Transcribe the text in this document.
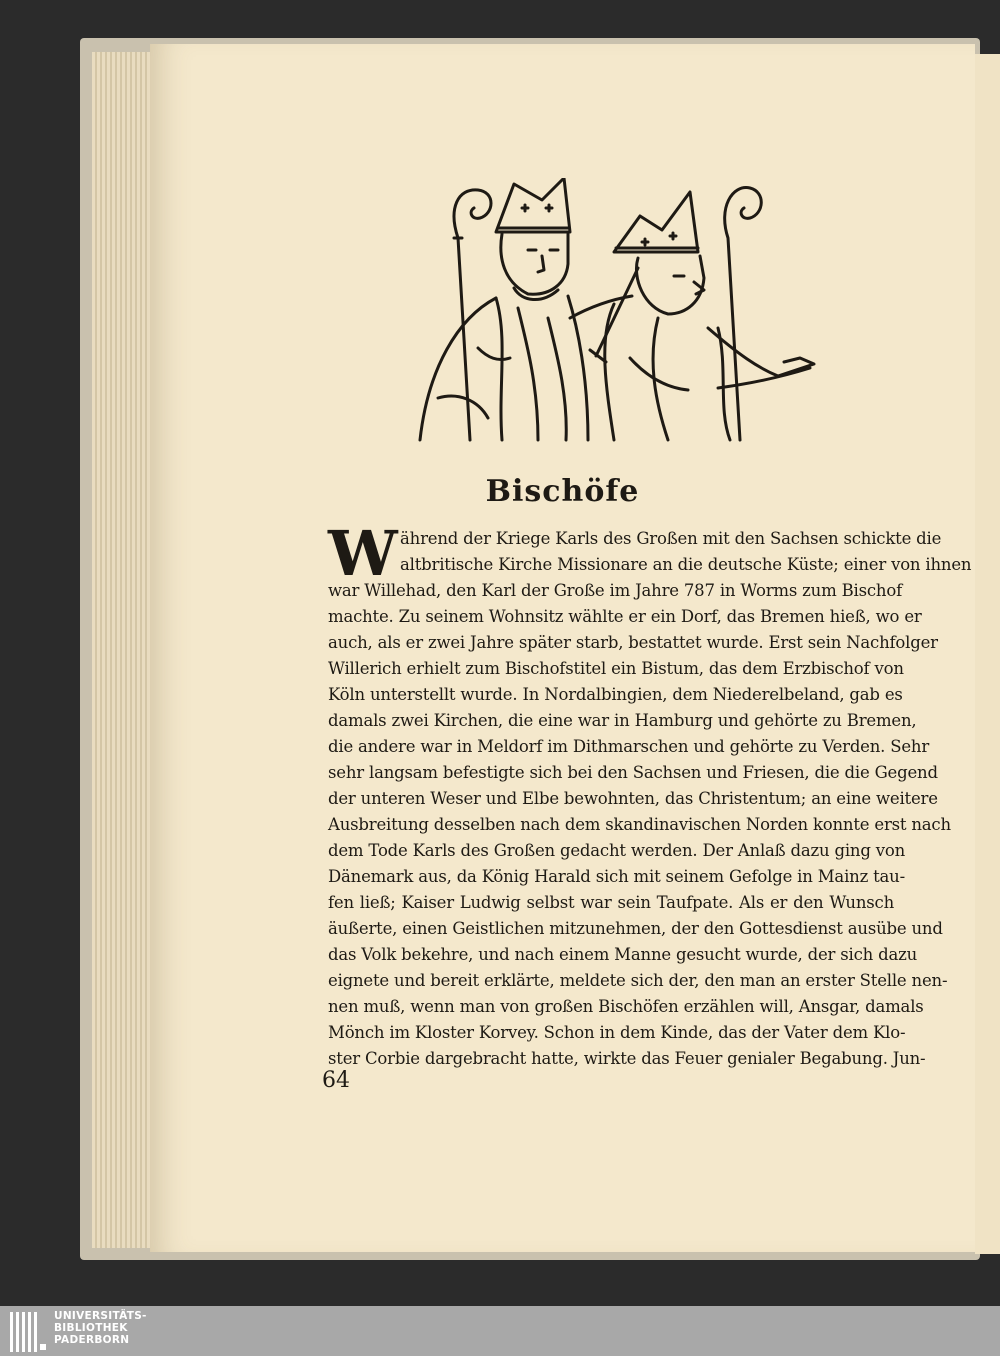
Bischöfe
W ährend der Kriege Karls des Großen mit den Sachsen schickte die
altbritische Kirche Missionare an die deutsche Küste; einer von ihnen
war Willehad, den Karl der Große im Jahre 787 in Worms zum Bischof
machte. Zu seinem Wohnsitz wählte er ein Dorf, das Bremen hieß, wo er
auch, als er zwei Jahre später starb, bestattet wurde. Erst sein Nachfolger
Willerich erhielt zum Bischofstitel ein Bistum, das dem Erzbischof von
Köln unterstellt wurde. In Nordalbingien, dem Niederelbeland, gab es
damals zwei Kirchen, die eine war in Hamburg und gehörte zu Bremen,
die andere war in Meldorf im Dithmarschen und gehörte zu Verden. Sehr
sehr langsam befestigte sich bei den Sachsen und Friesen, die die Gegend
der unteren Weser und Elbe bewohnten, das Christentum; an eine weitere
Ausbreitung desselben nach dem skandinavischen Norden konnte erst nach
dem Tode Karls des Großen gedacht werden. Der Anlaß dazu ging von
Dänemark aus, da König Harald sich mit seinem Gefolge in Mainz tau-
fen ließ; Kaiser Ludwig selbst war sein Taufpate. Als er den Wunsch
äußerte, einen Geistlichen mitzunehmen, der den Gottesdienst ausübe und
das Volk bekehre, und nach einem Manne gesucht wurde, der sich dazu
eignete und bereit erklärte, meldete sich der, den man an erster Stelle nen-
nen muß, wenn man von großen Bischöfen erzählen will, Ansgar, damals
Mönch im Kloster Korvey. Schon in dem Kinde, das der Vater dem Klo-
ster Corbie dargebracht hatte, wirkte das Feuer genialer Begabung. Jun-
64
UNIVERSITÄTS-
BIBLIOTHEK
PADERBORN
